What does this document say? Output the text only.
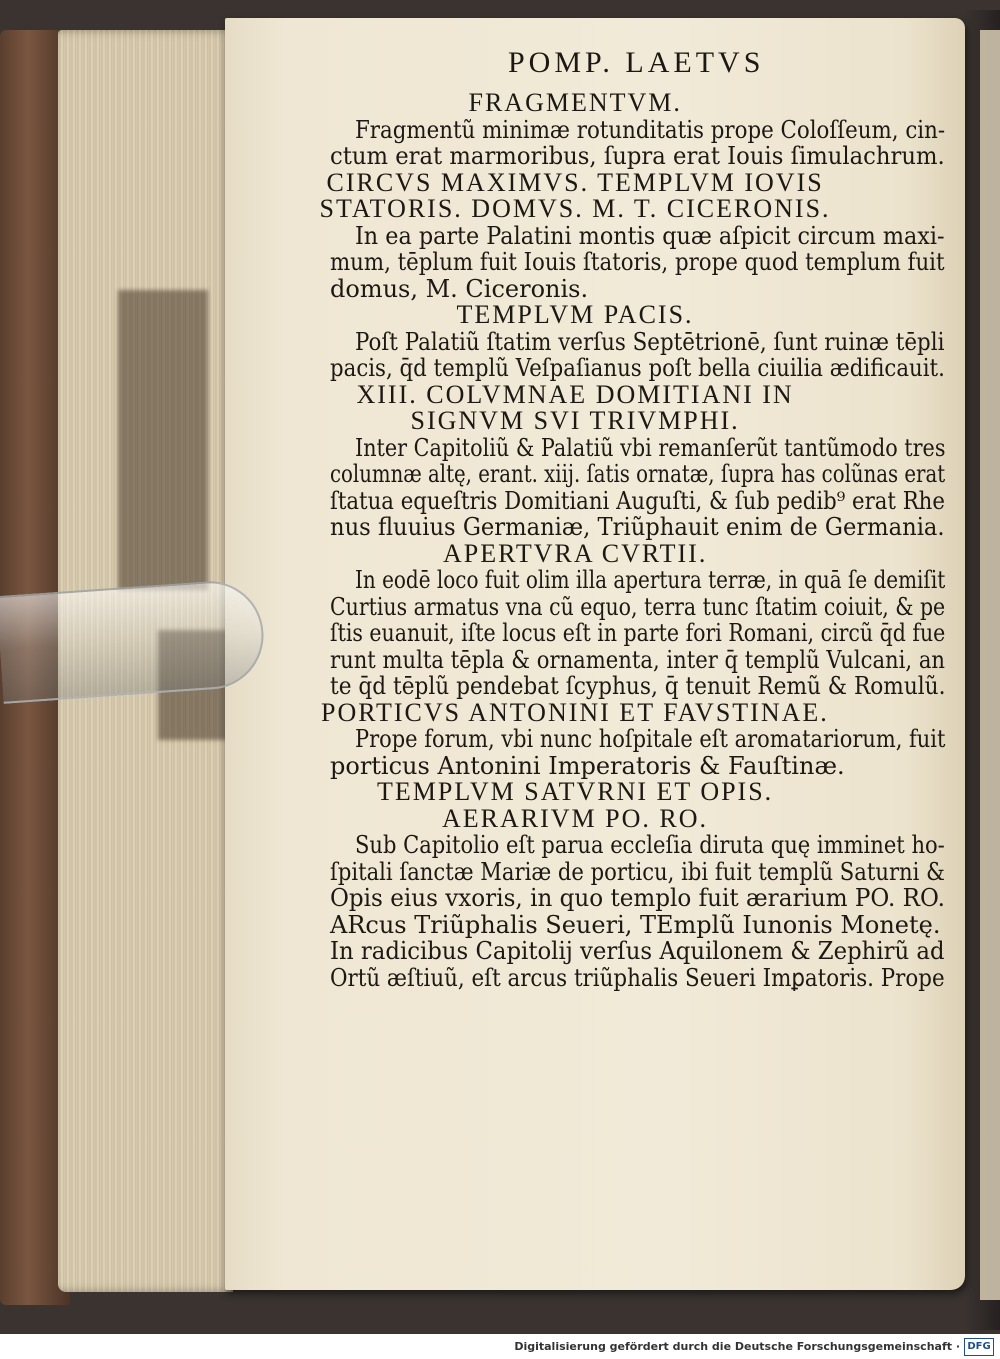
POMP. LAETVS
FRAGMENTVM.
Fragmentũ minimæ rotunditatis prope Coloſſeum, cin-
ctum erat marmoribus, ſupra erat Iouis ſimulachrum.
CIRCVS MAXIMVS. TEMPLVM IOVIS
STATORIS. DOMVS. M. T. CICERONIS.
In ea parte Palatini montis quæ aſpicit circum maxi-
mum, tēplum fuit Iouis ſtatoris, prope quod templum fuit
domus, M. Ciceronis.
TEMPLVM PACIS.
Poſt Palatiũ ſtatim verſus Septētrionē, ſunt ruinæ tēpli
pacis, q̄d templũ Veſpaſianus poſt bella ciuilia ædificauit.
XIII. COLVMNAE DOMITIANI IN
SIGNVM SVI TRIVMPHI.
Inter Capitoliũ & Palatiũ vbi remanſerũt tantũmodo tres
columnæ altę, erant. xiij. ſatis ornatæ, ſupra has colũnas erat
ſtatua equeſtris Domitiani Auguſti, & ſub pedib⁹ erat Rhe
nus fluuius Germaniæ, Triũphauit enim de Germania.
APERTVRA CVRTII.
In eodē loco fuit olim illa apertura terræ, in quā ſe demiſit
Curtius armatus vna cũ equo, terra tunc ſtatim coiuit, & pe
ſtis euanuit, iſte locus eſt in parte fori Romani, circũ q̄d fue
runt multa tēpla & ornamenta, inter q̄ templũ Vulcani, an
te q̄d tēplũ pendebat ſcyphus, q̄ tenuit Remũ & Romulũ.
PORTICVS ANTONINI ET FAVSTINAE.
Prope forum, vbi nunc hoſpitale eſt aromatariorum, fuit
porticus Antonini Imperatoris & Fauſtinæ.
TEMPLVM SATVRNI ET OPIS.
AERARIVM PO. RO.
Sub Capitolio eſt parua eccleſia diruta quę imminet ho-
ſpitali ſanctæ Mariæ de porticu, ibi fuit templũ Saturni &
Opis eius vxoris, in quo templo fuit ærarium PO. RO.
ARcus Triũphalis Seueri, TEmplũ Iunonis Monetę.
In radicibus Capitolij verſus Aquilonem & Zephirũ ad
Ortũ æſtiuũ, eſt arcus triũphalis Seueri Imꝑatoris. Prope
Digitalisierung gefördert durch die Deutsche Forschungsgemeinschaft · DFG
